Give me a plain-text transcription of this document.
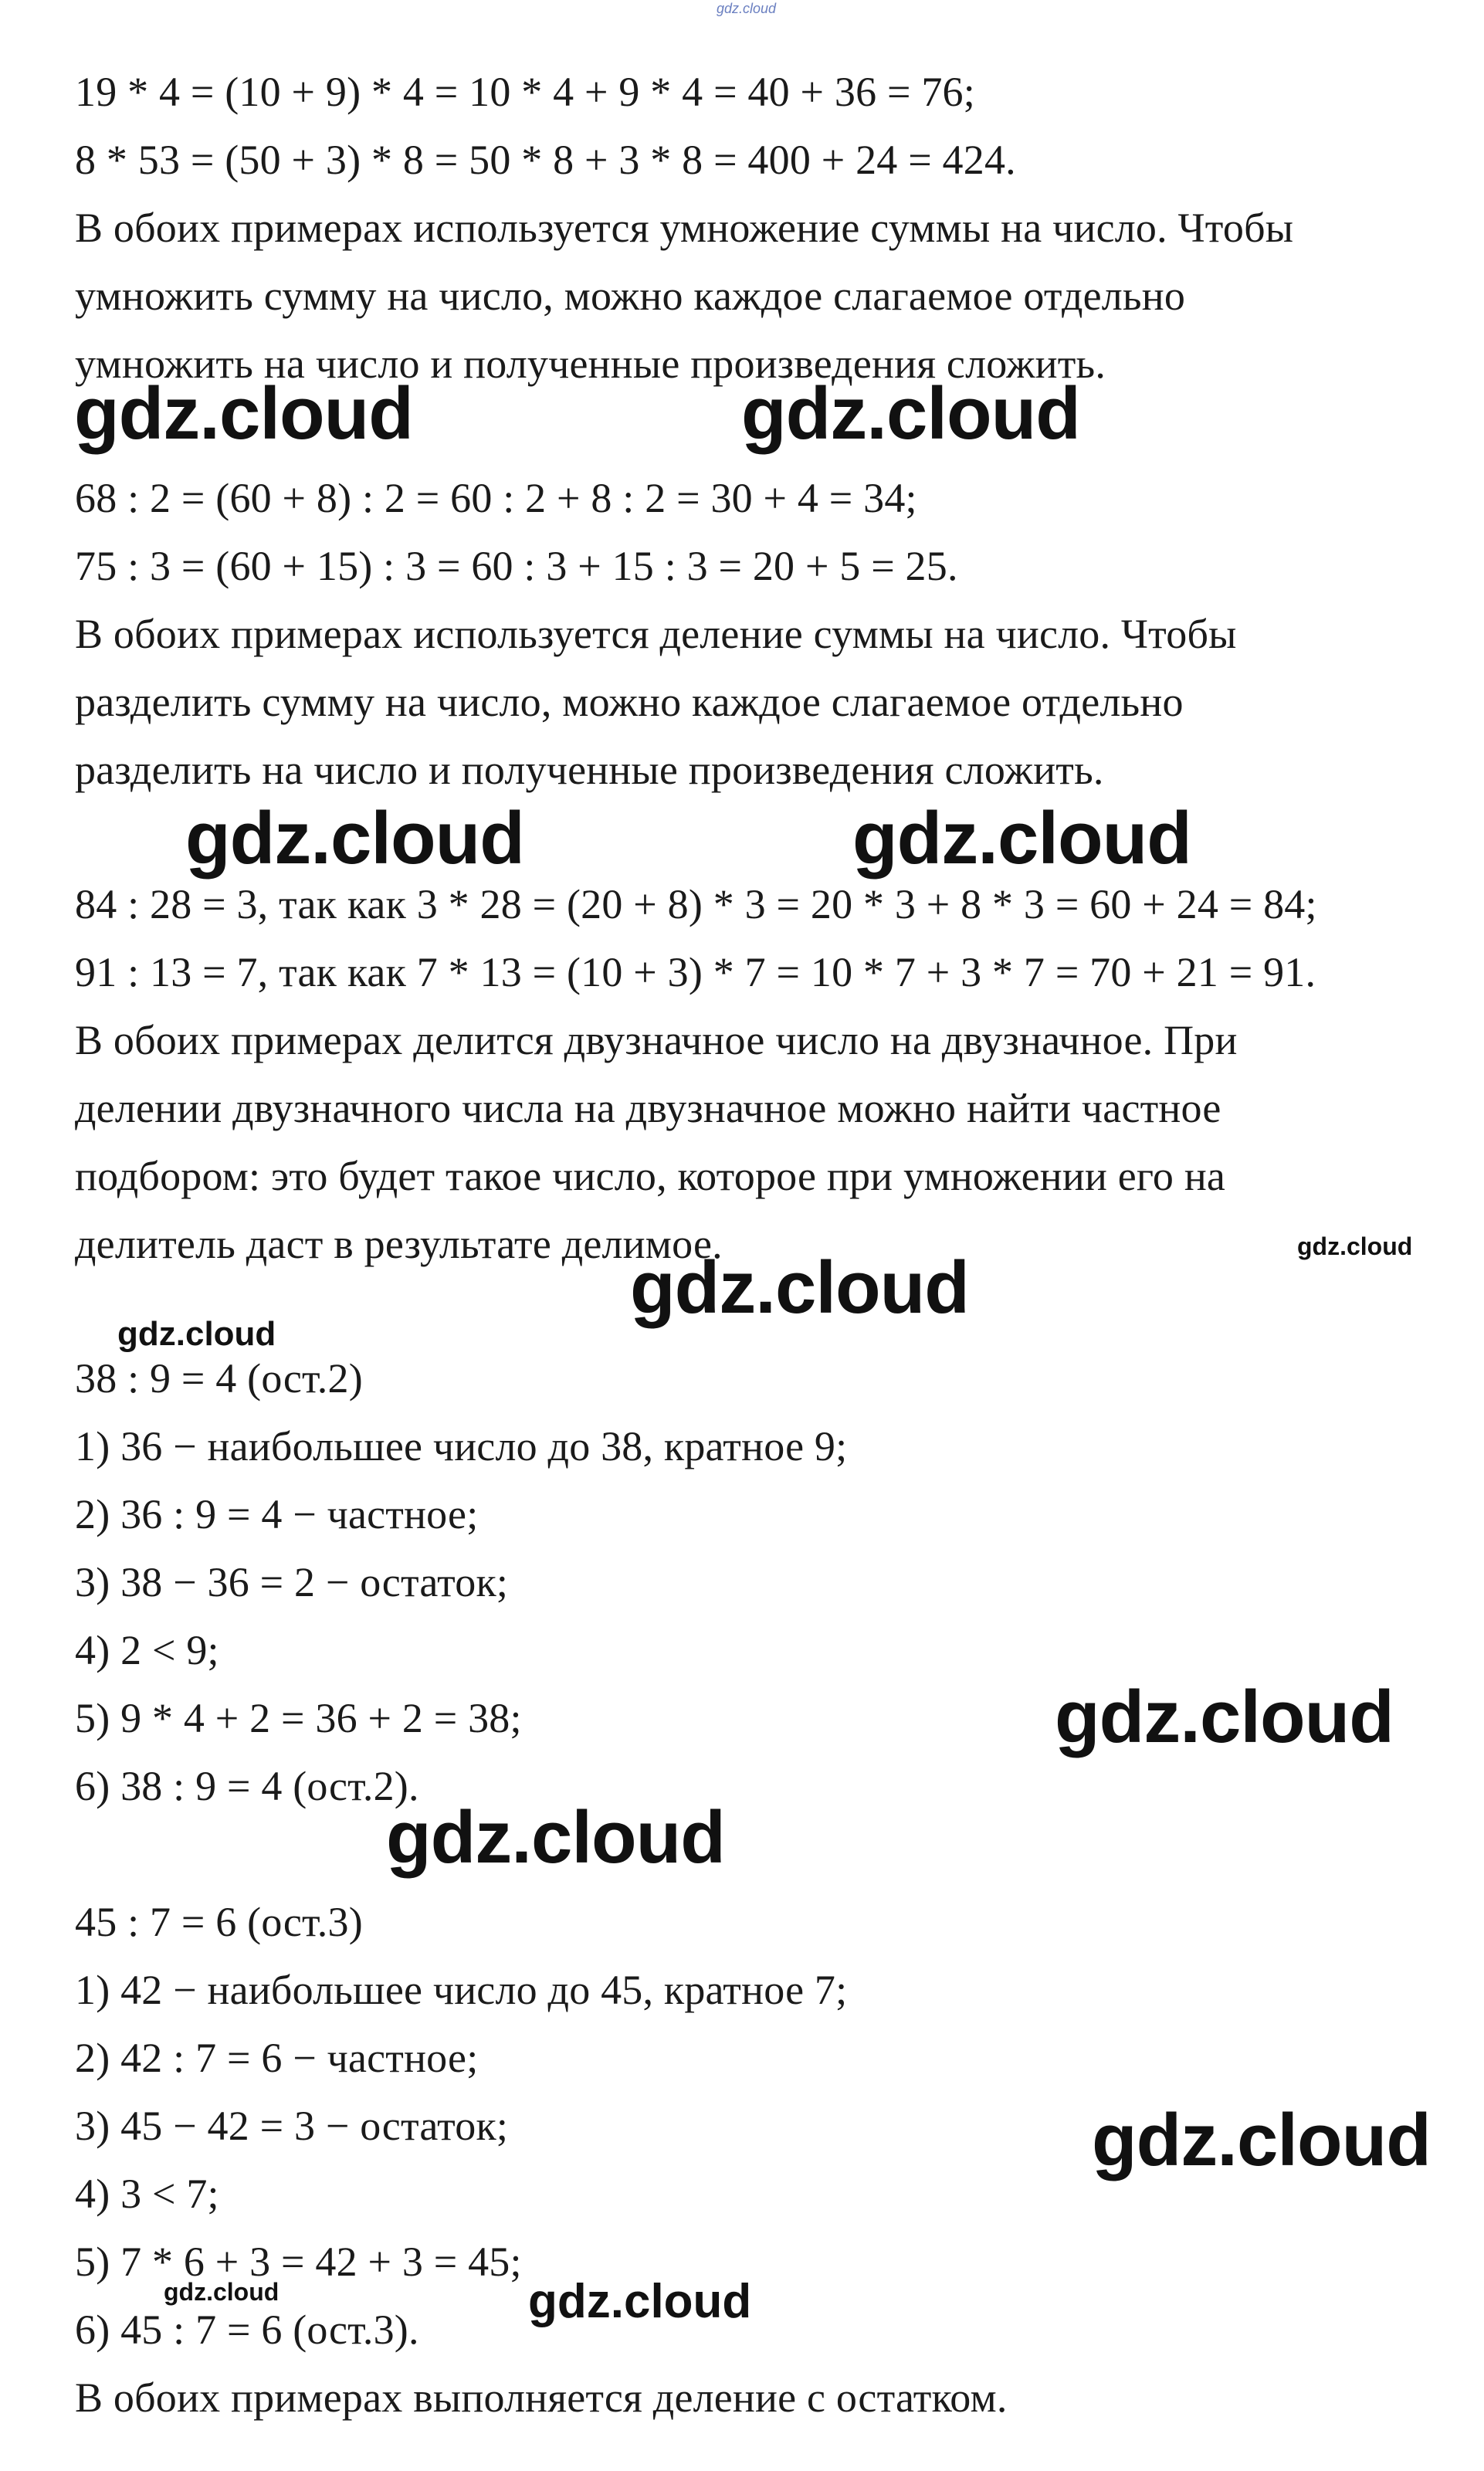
gdz.cloud
19 * 4 = (10 + 9) * 4 = 10 * 4 + 9 * 4 = 40 + 36 = 76;
8 * 53 = (50 + 3) * 8 = 50 * 8 + 3 * 8 = 400 + 24 = 424.
В обоих примерах используется умножение суммы на число. Чтобы
умножить сумму на число, можно каждое слагаемое отдельно
умножить на число и полученные произведения сложить.
gdz.cloud	gdz.cloud
68 : 2 = (60 + 8) : 2 = 60 : 2 + 8 : 2 = 30 + 4 = 34;
75 : 3 = (60 + 15) : 3 = 60 : 3 + 15 : 3 = 20 + 5 = 25.
В обоих примерах используется деление суммы на число. Чтобы
разделить сумму на число, можно каждое слагаемое отдельно
разделить на число и полученные произведения сложить.
gdz.cloud	gdz.cloud
84 : 28 = 3, так как 3 * 28 = (20 + 8) * 3 = 20 * 3 + 8 * 3 = 60 + 24 = 84;
91 : 13 = 7, так как 7 * 13 = (10 + 3) * 7 = 10 * 7 + 3 * 7 = 70 + 21 = 91.
В обоих примерах делится двузначное число на двузначное. При
делении двузначного числа на двузначное можно найти частное
подбором: это будет такое число, которое при умножении его на
делитель даст в результате делимое.	gdz.cloud
gdz.cloud
gdz.cloud
38 : 9 = 4 (ост.2)
1) 36 − наибольшее число до 38, кратное 9;
2) 36 : 9 = 4 − частное;
3) 38 − 36 = 2 − остаток;
4) 2 < 9;
5) 9 * 4 + 2 = 36 + 2 = 38;
6) 38 : 9 = 4 (ост.2).
gdz.cloud
gdz.cloud
45 : 7 = 6 (ост.3)
1) 42 − наибольшее число до 45, кратное 7;
2) 42 : 7 = 6 − частное;
3) 45 − 42 = 3 − остаток;
4) 3 < 7;
5) 7 * 6 + 3 = 42 + 3 = 45;
6) 45 : 7 = 6 (ост.3).
В обоих примерах выполняется деление с остатком.
gdz.cloud
gdz.cloud
gdz.cloud
